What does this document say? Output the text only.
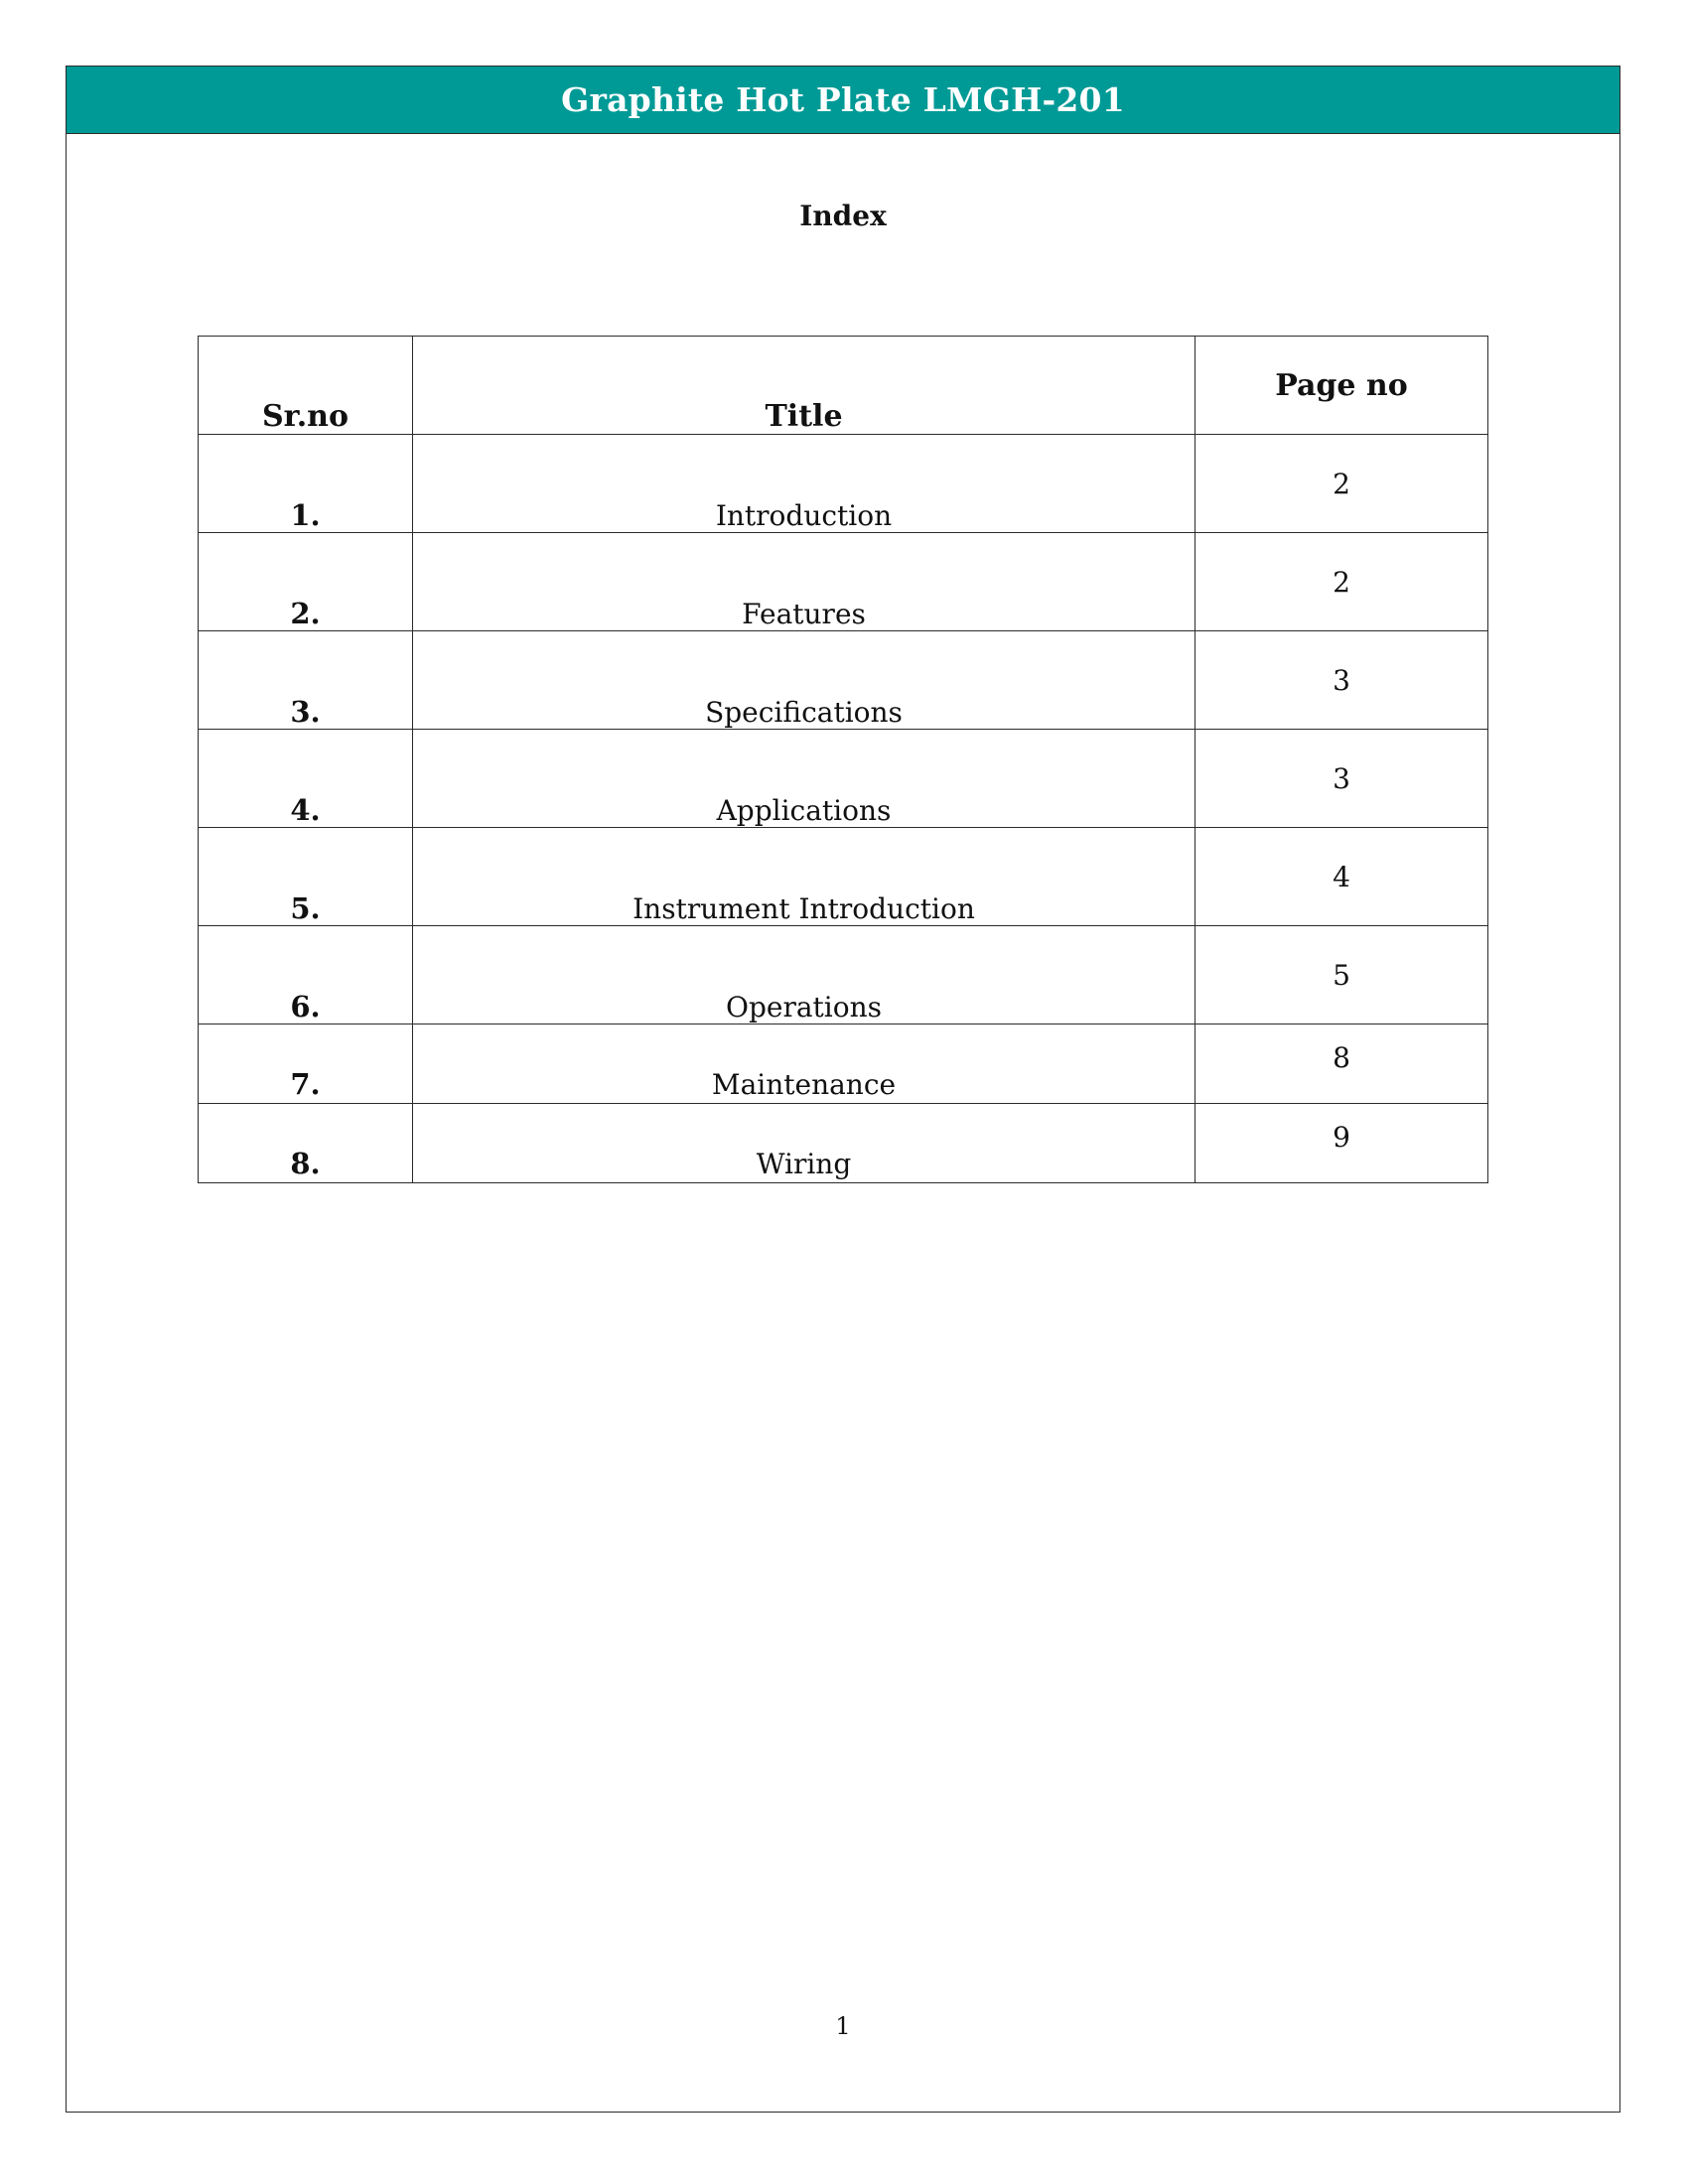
Graphite Hot Plate LMGH-201
Index
Sr.no	Title	Page no
1.	Introduction	2
2.	Features	2
3.	Specifications	3
4.	Applications	3
5.	Instrument Introduction	4
6.	Operations	5
7.	Maintenance	8
8.	Wiring	9
1
